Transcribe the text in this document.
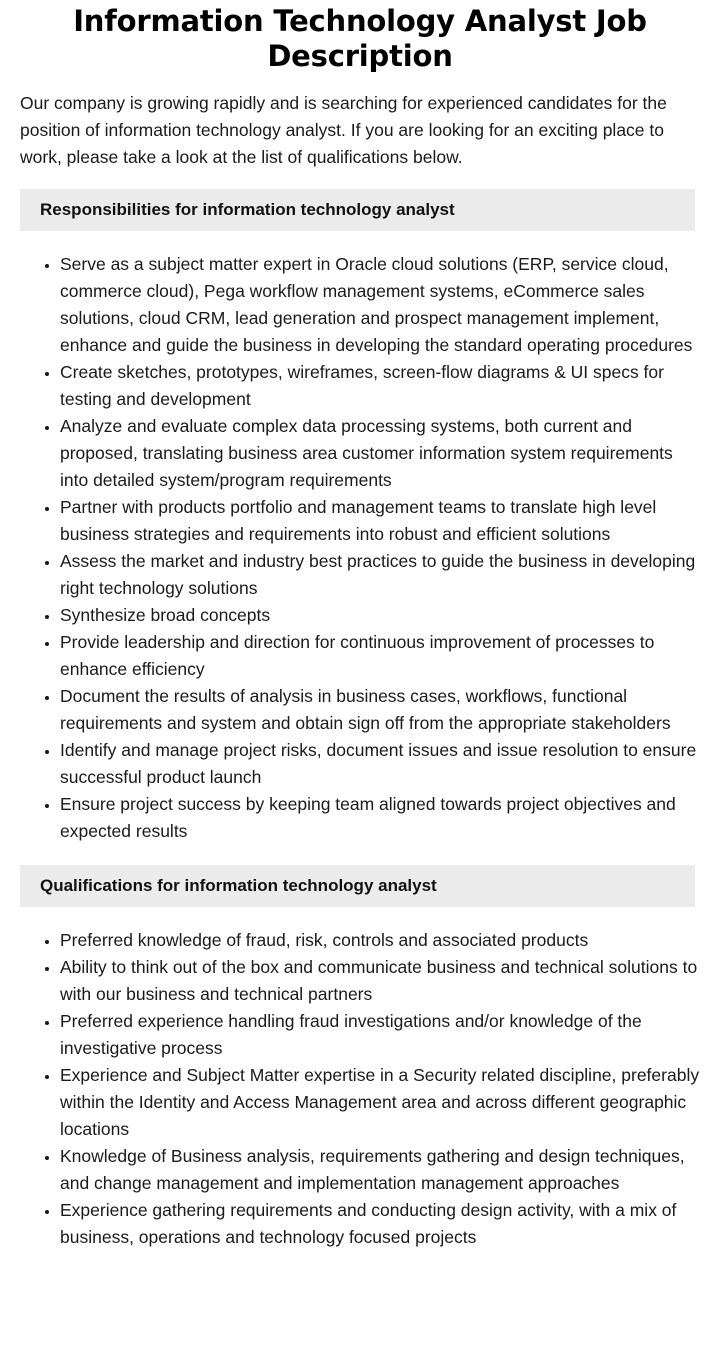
Information Technology Analyst Job Description

Our company is growing rapidly and is searching for experienced candidates for the position of information technology analyst. If you are looking for an exciting place to work, please take a look at the list of qualifications below.

Responsibilities for information technology analyst
• Serve as a subject matter expert in Oracle cloud solutions (ERP, service cloud, commerce cloud), Pega workflow management systems, eCommerce sales solutions, cloud CRM, lead generation and prospect management implement, enhance and guide the business in developing the standard operating procedures
• Create sketches, prototypes, wireframes, screen-flow diagrams & UI specs for testing and development
• Analyze and evaluate complex data processing systems, both current and proposed, translating business area customer information system requirements into detailed system/program requirements
• Partner with products portfolio and management teams to translate high level business strategies and requirements into robust and efficient solutions
• Assess the market and industry best practices to guide the business in developing right technology solutions
• Synthesize broad concepts
• Provide leadership and direction for continuous improvement of processes to enhance efficiency
• Document the results of analysis in business cases, workflows, functional requirements and system and obtain sign off from the appropriate stakeholders
• Identify and manage project risks, document issues and issue resolution to ensure successful product launch
• Ensure project success by keeping team aligned towards project objectives and expected results
Qualifications for information technology analyst
• Preferred knowledge of fraud, risk, controls and associated products
• Ability to think out of the box and communicate business and technical solutions to with our business and technical partners
• Preferred experience handling fraud investigations and/or knowledge of the investigative process
• Experience and Subject Matter expertise in a Security related discipline, preferably within the Identity and Access Management area and across different geographic locations
• Knowledge of Business analysis, requirements gathering and design techniques, and change management and implementation management approaches
• Experience gathering requirements and conducting design activity, with a mix of business, operations and technology focused projects
